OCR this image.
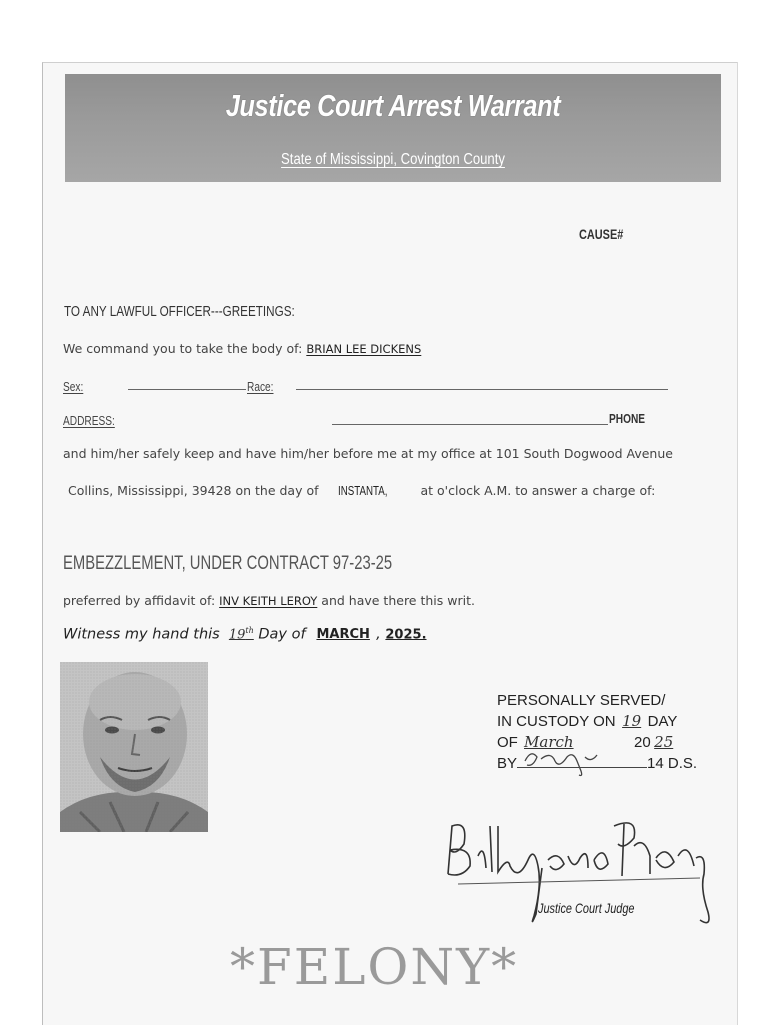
Justice Court Arrest Warrant
State of Mississippi, Covington County
CAUSE#
TO ANY LAWFUL OFFICER---GREETINGS:
We command you to take the body of: BRIAN LEE DICKENS
Sex:	Race:
ADDRESS:	PHONE
and him/her safely keep and have him/her before me at my office at 101 South Dogwood Avenue
Collins, Mississippi, 39428 on the day of INSTANTA,	at o'clock A.M. to answer a charge of:
EMBEZZLEMENT, UNDER CONTRACT 97-23-25
preferred by affidavit of: INV KEITH LEROY and have there this writ.
Witness my hand this 19th Day of MARCH , 2025.
PERSONALLY SERVED/
IN CUSTODY ON 19 DAY
OF March	20 25
BY	14 D.S.
Justice Court Judge
*FELONY*
